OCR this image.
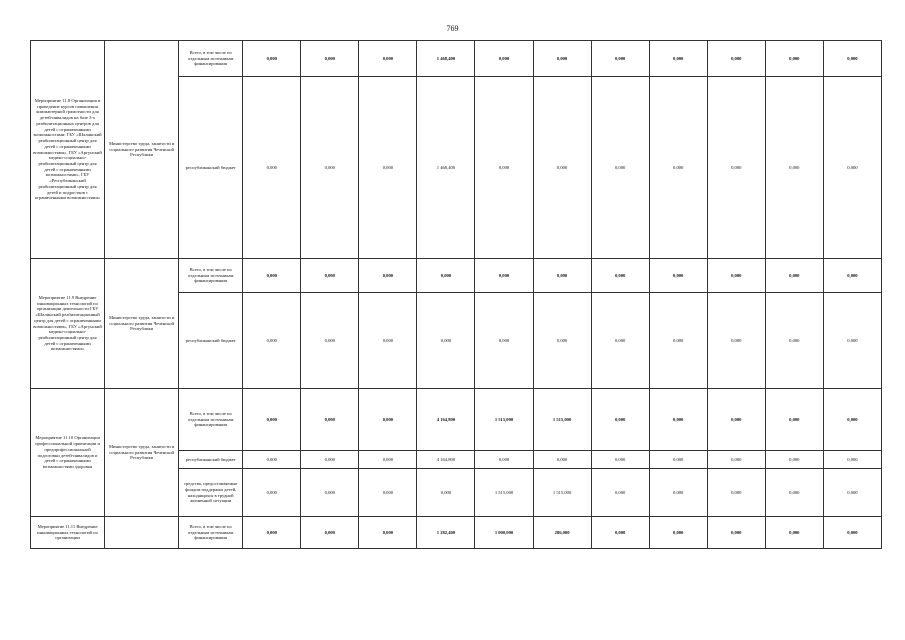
769
Мероприятие 11.8 Организация и проведение курсов повышения компьютерной грамотности для детей-инвалидов на базе 3-х реабилитационных центров для детей с ограниченными возможностями: ГБУ «Шалинский реабилитационный центр для детей с ограниченными возможностями», ГБУ «Аргунский медико-социально-реабилитационный центр для детей с ограниченными возможностями», ГБУ «Республиканский реабилитационный центр для детей и подростков с ограниченными возможностями»	Министерство труда, занятости и социального развития Чеченской Республики	Всего, в том числе по отдельным источникам финансирования	0,000	0,000	0,000	1 468,400	0,000	0,000	0,000	0,000	0,000	0,000	0,000
		республиканский бюджет	0,000	0,000	0,000	1 468,400	0,000	0,000	0,000	0,000	0,000	0,000	0,000
Мероприятие 11.9 Внедрение инновационных технологий по организации деятельности ГБУ «Шалинский реабилитационный центр для детей с ограниченными возможностями», ГБУ «Аргунский медико-социально-реабилитационный центр для детей с ограниченными возможностями»	Министерство труда, занятости и социального развития Чеченской Республики	Всего, в том числе по отдельным источникам финансирования	0,000	0,000	0,000	0,000	0,000	0,000	0,000	0,000	0,000	0,000	0,000
		республиканский бюджет	0,000	0,000	0,000	0,000	0,000	0,000	0,000	0,000	0,000	0,000	0,000
Мероприятие 11.10 Организация профессиональной ориентации и предпрофессиональной подготовки детей-инвалидов и детей с ограниченными возможностями здоровья	Министерство труда, занятости и социального развития Чеченской Республики	Всего, в том числе по отдельным источникам финансирования	0,000	0,000	0,000	4 164,800	1 515,000	1 515,000	0,000	0,000	0,000	0,000	0,000
		республиканский бюджет	0,000	0,000	0,000	4 164,800	0,000	0,000	0,000	0,000	0,000	0,000	0,000
		средства, предоставляемые фондом поддержки детей, находящихся в трудной жизненной ситуации	0,000	0,000	0,000	0,000	1 515,000	1 515,000	0,000	0,000	0,000	0,000	0,000
Мероприятие 11.11 Внедрение инновационных технологий по организации		Всего, в том числе по отдельным источникам финансирования	0,000	0,000	0,000	1 282,400	1 000,000	286,000	0,000	0,000	0,000	0,000	0,000
